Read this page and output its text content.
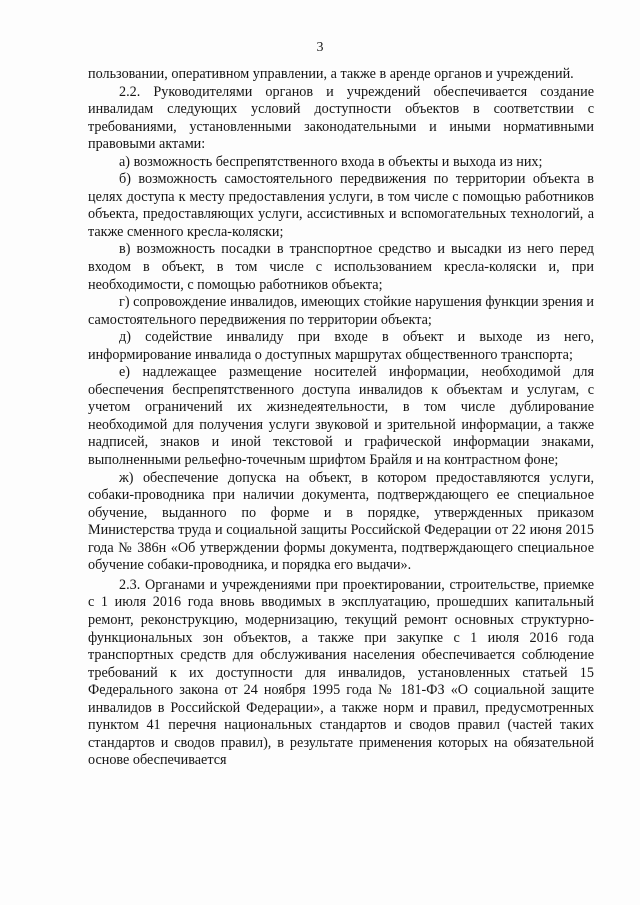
3

пользовании, оперативном управлении, а также в аренде органов и учреждений.

2.2. Руководителями органов и учреждений обеспечивается создание инвалидам следующих условий доступности объектов в соответствии с требованиями, установленными законодательными и иными нормативными правовыми актами:

а) возможность беспрепятственного входа в объекты и выхода из них;

б) возможность самостоятельного передвижения по территории объекта в целях доступа к месту предоставления услуги, в том числе с помощью работников объекта, предоставляющих услуги, ассистивных и вспомогательных технологий, а также сменного кресла-коляски;

в) возможность посадки в транспортное средство и высадки из него перед входом в объект, в том числе с использованием кресла-коляски и, при необходимости, с помощью работников объекта;

г) сопровождение инвалидов, имеющих стойкие нарушения функции зрения и самостоятельного передвижения по территории объекта;

д) содействие инвалиду при входе в объект и выходе из него, информирование инвалида о доступных маршрутах общественного транспорта;

е) надлежащее размещение носителей информации, необходимой для обеспечения беспрепятственного доступа инвалидов к объектам и услугам, с учетом ограничений их жизнедеятельности, в том числе дублирование необходимой для получения услуги звуковой и зрительной информации, а также надписей, знаков и иной текстовой и графической информации знаками, выполненными рельефно-точечным шрифтом Брайля и на контрастном фоне;

ж) обеспечение допуска на объект, в котором предоставляются услуги, собаки-проводника при наличии документа, подтверждающего ее специальное обучение, выданного по форме и в порядке, утвержденных приказом Министерства труда и социальной защиты Российской Федерации от 22 июня 2015 года № 386н «Об утверждении формы документа, подтверждающего специальное обучение собаки-проводника, и порядка его выдачи».

2.3. Органами и учреждениями при проектировании, строительстве, приемке с 1 июля 2016 года вновь вводимых в эксплуатацию, прошедших капитальный ремонт, реконструкцию, модернизацию, текущий ремонт основных структурно-функциональных зон объектов, а также при закупке с 1 июля 2016 года транспортных средств для обслуживания населения обеспечивается соблюдение требований к их доступности для инвалидов, установленных статьей 15 Федерального закона от 24 ноября 1995 года № 181-ФЗ «О социальной защите инвалидов в Российской Федерации», а также норм и правил, предусмотренных пунктом 41 перечня национальных стандартов и сводов правил (частей таких стандартов и сводов правил), в результате применения которых на обязательной основе обеспечивается
